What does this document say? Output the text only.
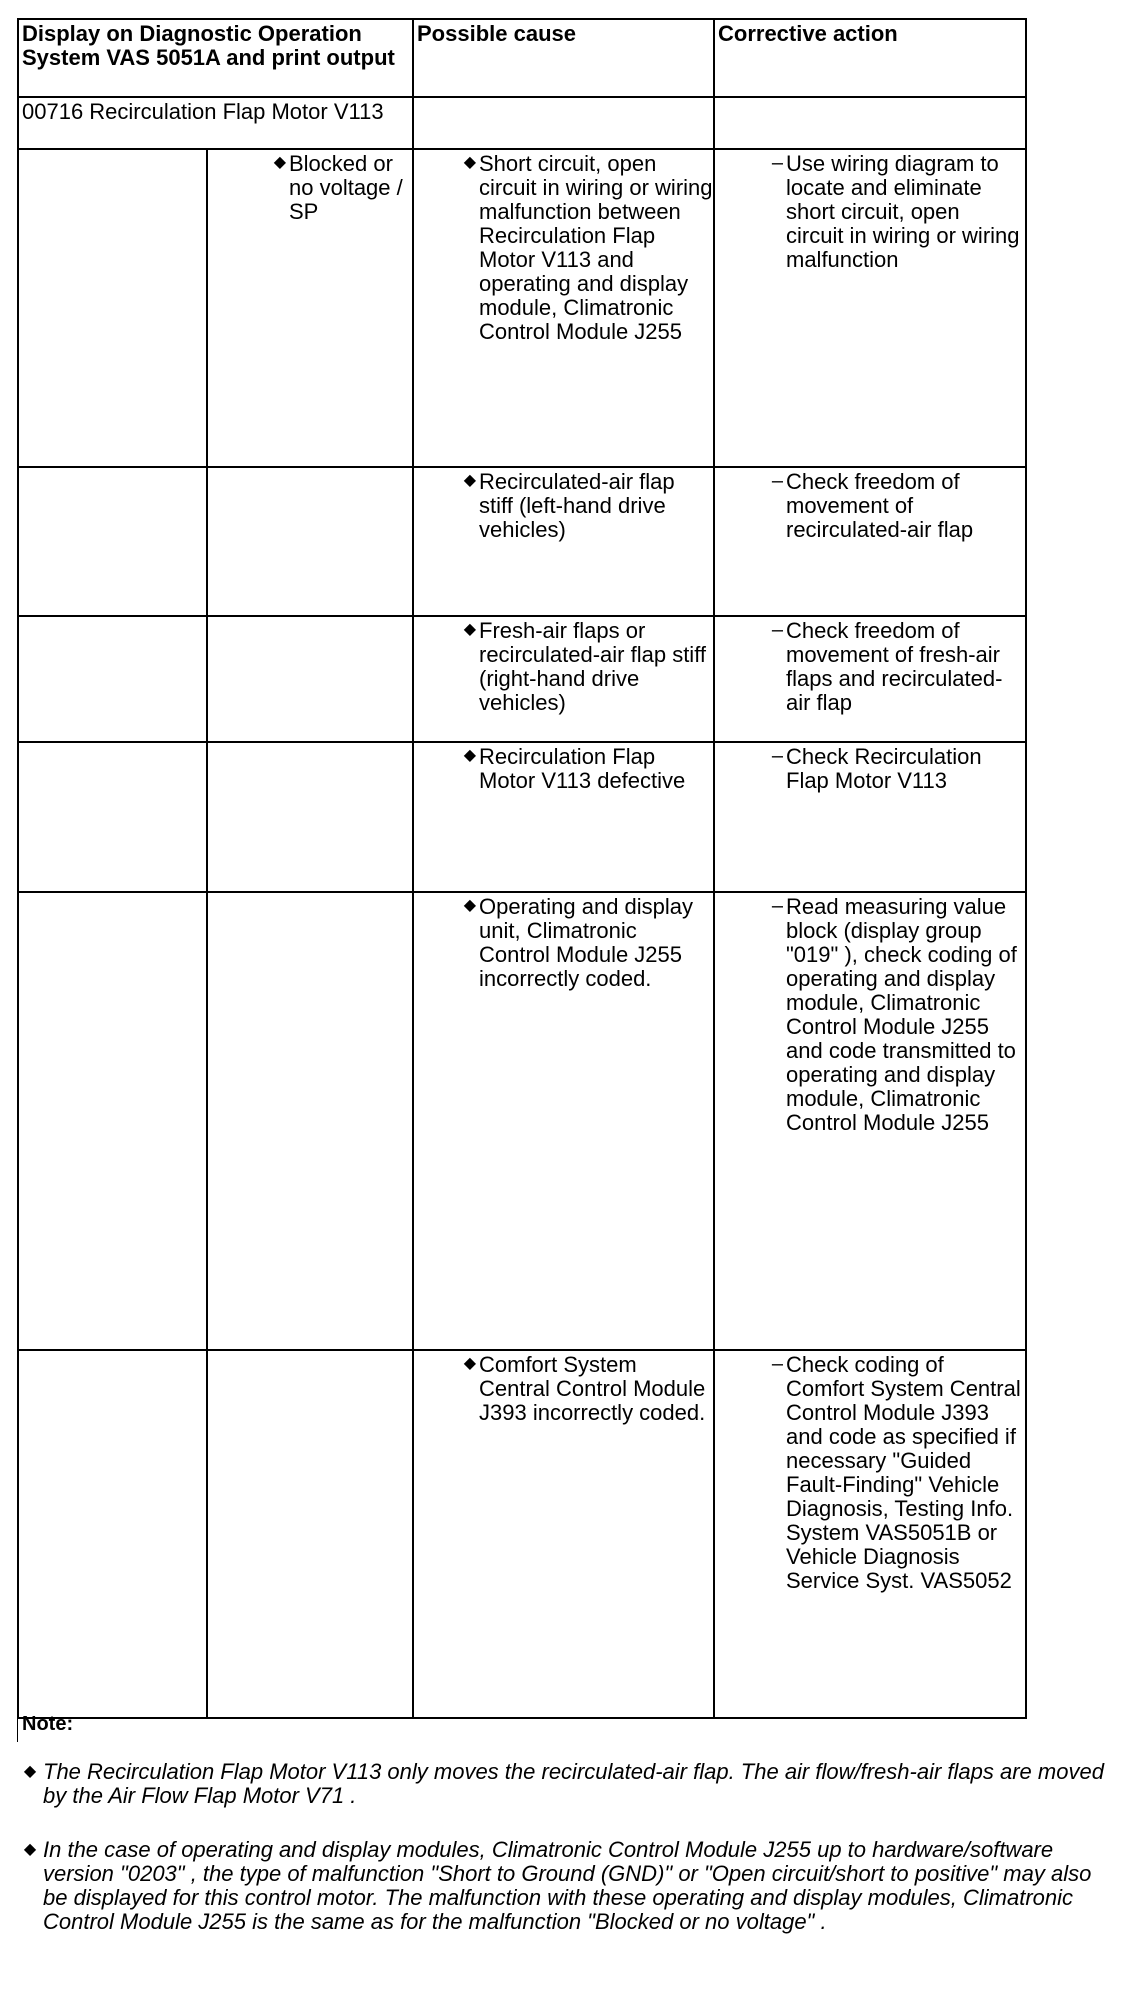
Display on Diagnostic Operation System VAS 5051A and print output		Possible cause	Corrective action
00716 Recirculation Flap Motor V113			

	◆ Blocked or no voltage / SP	◆ Short circuit, open circuit in wiring or wiring malfunction between Recirculation Flap Motor V113 and operating and display module, Climatronic Control Module J255	– Use wiring diagram to locate and eliminate short circuit, open circuit in wiring or wiring malfunction

		◆ Recirculated-air flap stiff (left-hand drive vehicles)	– Check freedom of movement of recirculated-air flap

		◆ Fresh-air flaps or recirculated-air flap stiff (right-hand drive vehicles)	– Check freedom of movement of fresh-air flaps and recirculated-air flap

		◆ Recirculation Flap Motor V113 defective	– Check Recirculation Flap Motor V113

		◆ Operating and display unit, Climatronic Control Module J255 incorrectly coded.	– Read measuring value block (display group "019" ), check coding of operating and display module, Climatronic Control Module J255 and code transmitted to operating and display module, Climatronic Control Module J255

		◆ Comfort System Central Control Module J393 incorrectly coded.	– Check coding of Comfort System Central Control Module J393 and code as specified if necessary "Guided Fault-Finding" Vehicle Diagnosis, Testing Info. System VAS5051B or Vehicle Diagnosis Service Syst. VAS5052
Note:
◆ The Recirculation Flap Motor V113 only moves the recirculated-air flap. The air flow/fresh-air flaps are moved by the Air Flow Flap Motor V71 .
◆ In the case of operating and display modules, Climatronic Control Module J255 up to hardware/software version "0203" , the type of malfunction "Short to Ground (GND)" or "Open circuit/short to positive" may also be displayed for this control motor. The malfunction with these operating and display modules, Climatronic Control Module J255 is the same as for the malfunction "Blocked or no voltage" .
